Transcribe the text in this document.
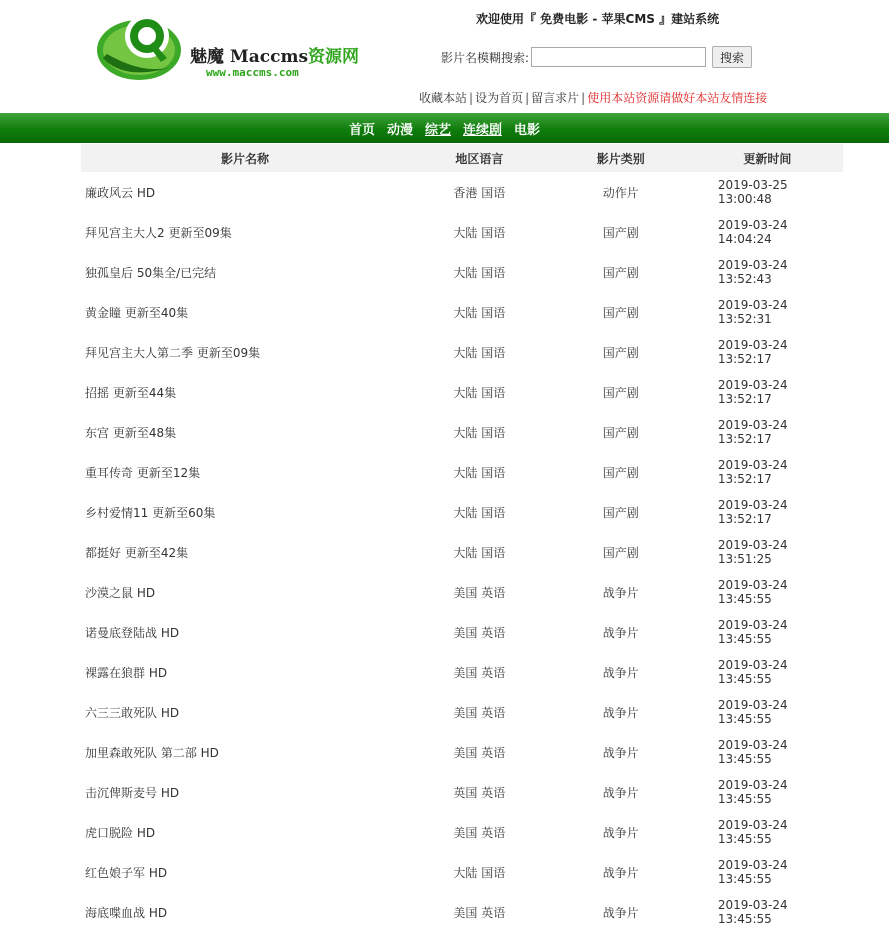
魅魔 Maccms资源网
www.maccms.com
欢迎使用『 免费电影 - 苹果CMS 』建站系统
影片名模糊搜索:	搜索
收藏本站 | 设为首页 | 留言求片 | 使用本站资源请做好本站友情连接
首页 动漫 综艺 连续剧 电影
影片名称	地区语言	影片类别	更新时间
廉政风云 HD	香港 国语	动作片	2019-03-25 13:00:48
拜见宫主大人2 更新至09集	大陆 国语	国产剧	2019-03-24 14:04:24
独孤皇后 50集全/已完结	大陆 国语	国产剧	2019-03-24 13:52:43
黄金瞳 更新至40集	大陆 国语	国产剧	2019-03-24 13:52:31
拜见宫主大人第二季 更新至09集	大陆 国语	国产剧	2019-03-24 13:52:17
招摇 更新至44集	大陆 国语	国产剧	2019-03-24 13:52:17
东宫 更新至48集	大陆 国语	国产剧	2019-03-24 13:52:17
重耳传奇 更新至12集	大陆 国语	国产剧	2019-03-24 13:52:17
乡村爱情11 更新至60集	大陆 国语	国产剧	2019-03-24 13:52:17
都挺好 更新至42集	大陆 国语	国产剧	2019-03-24 13:51:25
沙漠之鼠 HD	美国 英语	战争片	2019-03-24 13:45:55
诺曼底登陆战 HD	美国 英语	战争片	2019-03-24 13:45:55
裸露在狼群 HD	美国 英语	战争片	2019-03-24 13:45:55
六三三敢死队 HD	美国 英语	战争片	2019-03-24 13:45:55
加里森敢死队 第二部 HD	美国 英语	战争片	2019-03-24 13:45:55
击沉俾斯麦号 HD	英国 英语	战争片	2019-03-24 13:45:55
虎口脱险 HD	美国 英语	战争片	2019-03-24 13:45:55
红色娘子军 HD	大陆 国语	战争片	2019-03-24 13:45:55
海底喋血战 HD	美国 英语	战争片	2019-03-24 13:45:55
